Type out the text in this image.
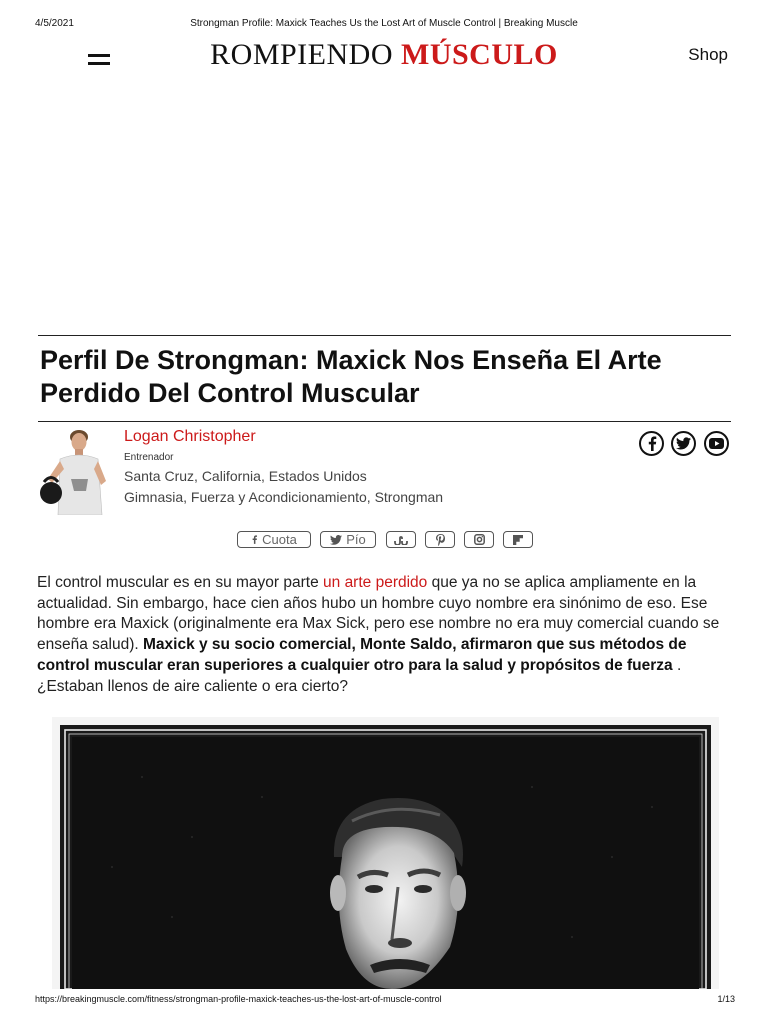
4/5/2021	Strongman Profile: Maxick Teaches Us the Lost Art of Muscle Control | Breaking Muscle
ROMPIENDO MÚSCULO	Shop
Perfil De Strongman: Maxick Nos Enseña El Arte Perdido Del Control Muscular
Logan Christopher
Entrenador
Santa Cruz, California, Estados Unidos
Gimnasia, Fuerza y Acondicionamiento, Strongman
Cuota	Pío

El control muscular es en su mayor parte un arte perdido que ya no se aplica ampliamente en la actualidad. Sin embargo, hace cien años hubo un hombre cuyo nombre era sinónimo de eso. Ese hombre era Maxick (originalmente era Max Sick, pero ese nombre no era muy comercial cuando se enseña salud). Maxick y su socio comercial, Monte Saldo, afirmaron que sus métodos de control muscular eran superiores a cualquier otro para la salud y propósitos de fuerza . ¿Estaban llenos de aire caliente o era cierto?

https://breakingmuscle.com/fitness/strongman-profile-maxick-teaches-us-the-lost-art-of-muscle-control	1/13
